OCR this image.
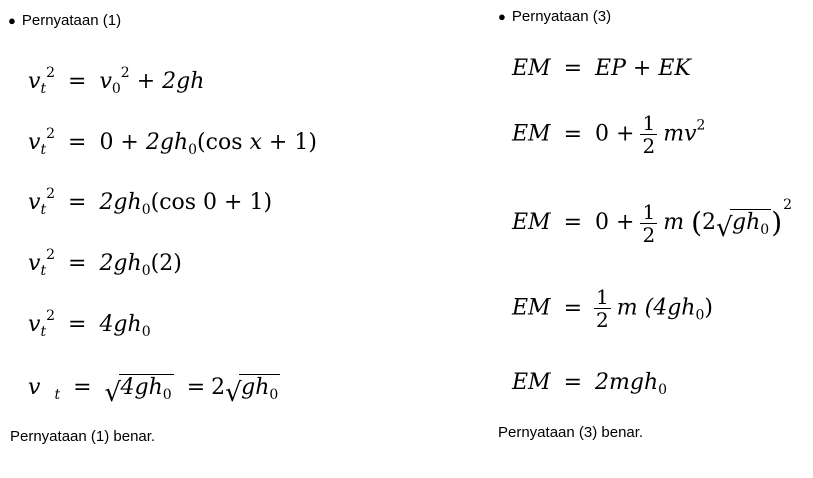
● Pernyataan (1)
$v_t^2 = v_0^2 + 2gh$
$v_t^2 = 0 + 2gh_0(\cos$ x + 1)
$v_t^2 = 2gh_0(\cos$ 0 + 1)
$v_t^2 = 2gh_0(2)$
$v_t^2 = 4gh_0$
v $_t$ = √ $4gh_0 = 2$ √ $gh_0$
Pernyataan (1) benar.
● Pernyataan (3)
EM = EP + EK
EM = $0 + \frac{1}{2} mv^2$
EM = $0 + \frac{1}{2}$ m (2 √ $gh_0)^2$
EM = $\frac{1}{2}$ m $(4gh_0)$
EM = 2mgh$_0$
Pernyataan (3) benar.
